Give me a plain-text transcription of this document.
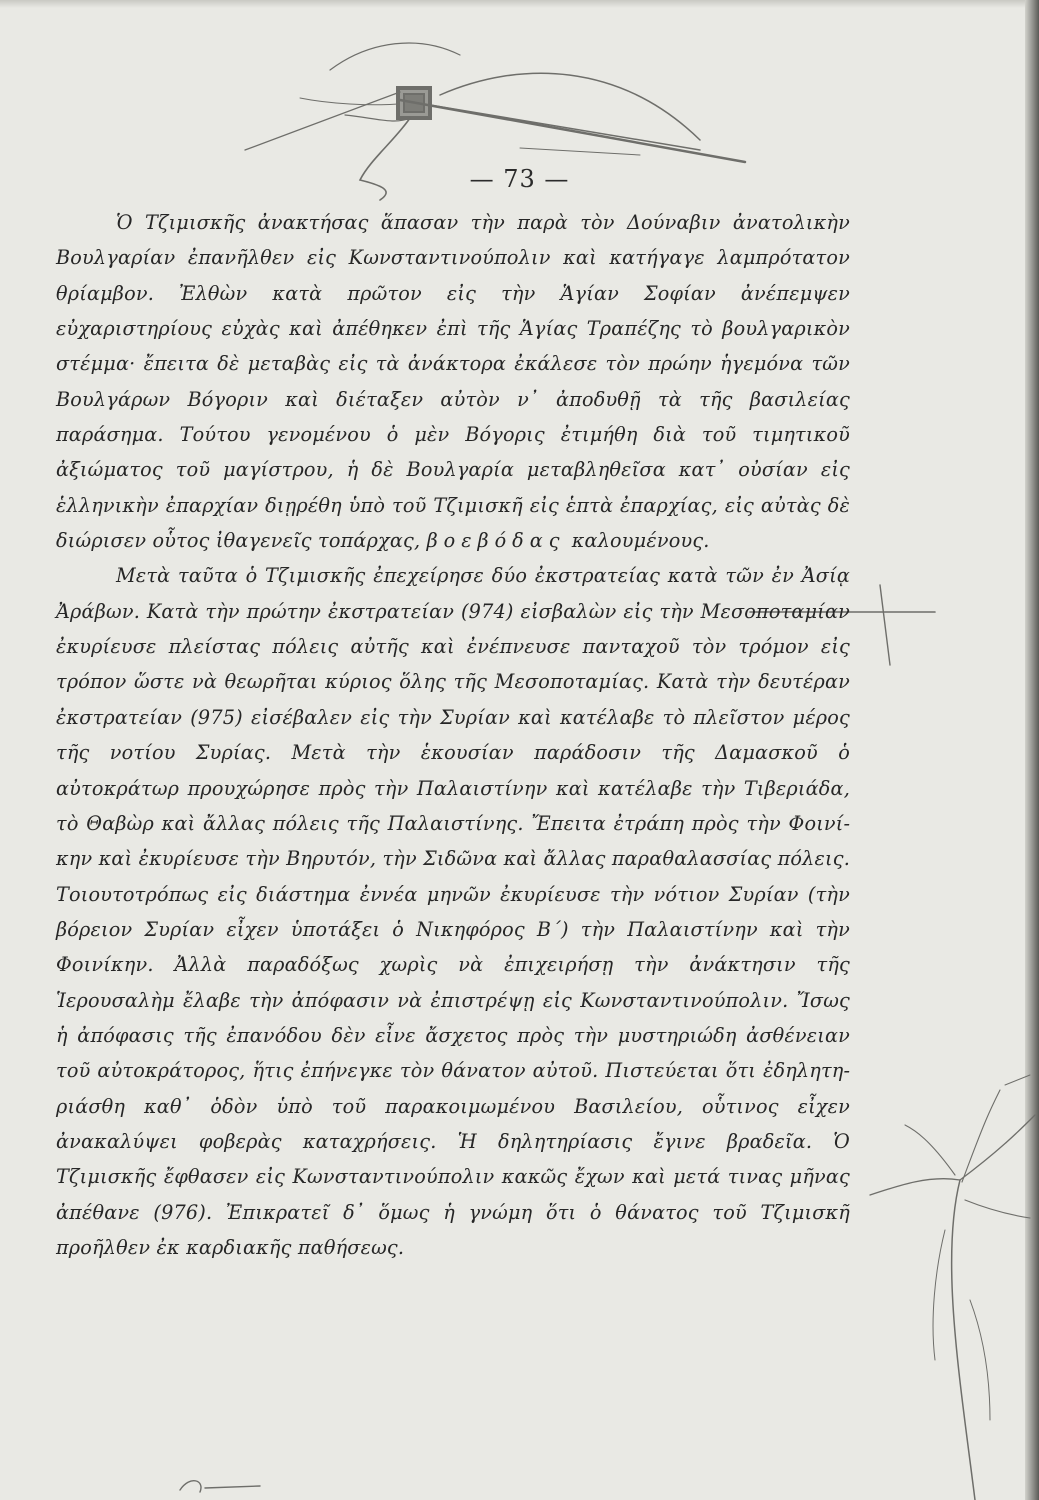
— 73 —

Ὁ Τζιμισκῆς ἀνακτήσας ἅπασαν τὴν παρὰ τὸν Δούναβιν ἀνατολικὴν Βουλγαρίαν ἐπανῆλθεν εἰς Κωνσταντινούπολιν καὶ κατήγαγε λαμπρότατον θρίαμβον. Ἐλθὼν κατὰ πρῶτον εἰς τὴν Ἁγίαν Σοφίαν ἀνέπεμψεν εὐχαριστηρίους εὐχὰς καὶ ἀπέθηκεν ἐπὶ τῆς Ἁγίας Τραπέζης τὸ βουλγαρικὸν στέμμα· ἔπειτα δὲ μεταβὰς εἰς τὰ ἀνάκτορα ἐκάλεσε τὸν πρώην ἡγεμόνα τῶν Βουλγάρων Βόγοριν καὶ διέταξεν αὐτὸν ν᾿ ἀποδυθῇ τὰ τῆς βασιλείας παράσημα. Τούτου γενομένου ὁ μὲν Βόγορις ἐτιμήθη διὰ τοῦ τιμητικοῦ ἀξιώματος τοῦ μαγίστρου, ἡ δὲ Βουλγαρία μεταβληθεῖσα κατ᾿ οὐσίαν εἰς ἑλληνικὴν ἐπαρχίαν διῃρέθη ὑπὸ τοῦ Τζιμισκῆ εἰς ἑπτὰ ἐπαρχίας, εἰς αὐτὰς δὲ διώρισεν οὗτος ἰθαγενεῖς τοπάρχας, βοεβόδας καλουμένους.

Μετὰ ταῦτα ὁ Τζιμισκῆς ἐπεχείρησε δύο ἐκστρατείας κατὰ τῶν ἐν Ἀσίᾳ Ἀράβων. Κατὰ τὴν πρώτην ἐκστρατείαν (974) εἰσβαλὼν εἰς τὴν Μεσοποταμίαν ἐκυρίευσε πλείστας πόλεις αὐτῆς καὶ ἐνέπνευσε πανταχοῦ τὸν τρόμον εἰς τρόπον ὥστε νὰ θεωρῆται κύριος ὅλης τῆς Μεσοποταμίας. Κατὰ τὴν δευτέραν ἐκστρατείαν (975) εἰσέβαλεν εἰς τὴν Συρίαν καὶ κατέλαβε τὸ πλεῖστον μέρος τῆς νοτίου Συρίας. Μετὰ τὴν ἑκουσίαν παράδοσιν τῆς Δαμασκοῦ ὁ αὐτοκράτωρ προυχώρησε πρὸς τὴν Παλαιστίνην καὶ κατέλαβε τὴν Τιβεριάδα, τὸ Θαβὼρ καὶ ἄλλας πόλεις τῆς Παλαιστίνης. Ἔπειτα ἐτράπη πρὸς τὴν Φοινίκην καὶ ἐκυρίευσε τὴν Βηρυτόν, τὴν Σιδῶνα καὶ ἄλλας παραθαλασσίας πόλεις. Τοιουτοτρόπως εἰς διάστημα ἐννέα μηνῶν ἐκυρίευσε τὴν νότιον Συρίαν (τὴν βόρειον Συρίαν εἶχεν ὑποτάξει ὁ Νικηφόρος Β΄) τὴν Παλαιστίνην καὶ τὴν Φοινίκην. Ἀλλὰ παραδόξως χωρὶς νὰ ἐπιχειρήσῃ τὴν ἀνάκτησιν τῆς Ἱερουσαλὴμ ἔλαβε τὴν ἀπόφασιν νὰ ἐπιστρέψῃ εἰς Κωνσταντινούπολιν. Ἴσως ἡ ἀπόφασις τῆς ἐπανόδου δὲν εἶνε ἄσχετος πρὸς τὴν μυστηριώδη ἀσθένειαν τοῦ αὐτοκράτορος, ἥτις ἐπήνεγκε τὸν θάνατον αὐτοῦ. Πιστεύεται ὅτι ἐδηλητηριάσθη καθ᾿ ὁδὸν ὑπὸ τοῦ παρακοιμωμένου Βασιλείου, οὗτινος εἶχεν ἀνακαλύψει φοβερὰς καταχρήσεις. Ἡ δηλητηρίασις ἔγινε βραδεῖα. Ὁ Τζιμισκῆς ἔφθασεν εἰς Κωνσταντινούπολιν κακῶς ἔχων καὶ μετά τινας μῆνας ἀπέθανε (976). Ἐπικρατεῖ δ᾿ ὅμως ἡ γνώμη ὅτι ὁ θάνατος τοῦ Τζιμισκῆ προῆλθεν ἐκ καρδιακῆς παθήσεως.
